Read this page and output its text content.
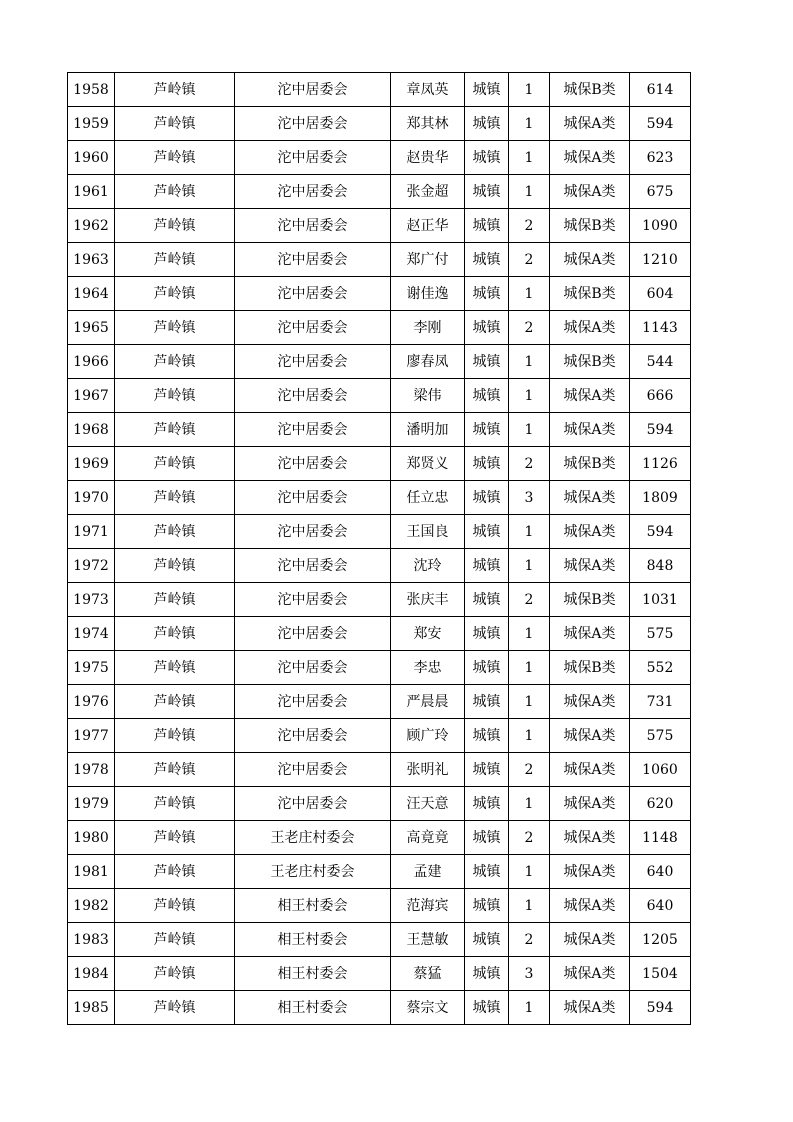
1958	芦岭镇	沱中居委会	章凤英	城镇	1	城保B类	614
1959	芦岭镇	沱中居委会	郑其林	城镇	1	城保A类	594
1960	芦岭镇	沱中居委会	赵贵华	城镇	1	城保A类	623
1961	芦岭镇	沱中居委会	张金超	城镇	1	城保A类	675
1962	芦岭镇	沱中居委会	赵正华	城镇	2	城保B类	1090
1963	芦岭镇	沱中居委会	郑广付	城镇	2	城保A类	1210
1964	芦岭镇	沱中居委会	谢佳逸	城镇	1	城保B类	604
1965	芦岭镇	沱中居委会	李刚	城镇	2	城保A类	1143
1966	芦岭镇	沱中居委会	廖春凤	城镇	1	城保B类	544
1967	芦岭镇	沱中居委会	梁伟	城镇	1	城保A类	666
1968	芦岭镇	沱中居委会	潘明加	城镇	1	城保A类	594
1969	芦岭镇	沱中居委会	郑贤义	城镇	2	城保B类	1126
1970	芦岭镇	沱中居委会	任立忠	城镇	3	城保A类	1809
1971	芦岭镇	沱中居委会	王国良	城镇	1	城保A类	594
1972	芦岭镇	沱中居委会	沈玲	城镇	1	城保A类	848
1973	芦岭镇	沱中居委会	张庆丰	城镇	2	城保B类	1031
1974	芦岭镇	沱中居委会	郑安	城镇	1	城保A类	575
1975	芦岭镇	沱中居委会	李忠	城镇	1	城保B类	552
1976	芦岭镇	沱中居委会	严晨晨	城镇	1	城保A类	731
1977	芦岭镇	沱中居委会	顾广玲	城镇	1	城保A类	575
1978	芦岭镇	沱中居委会	张明礼	城镇	2	城保A类	1060
1979	芦岭镇	沱中居委会	汪天意	城镇	1	城保A类	620
1980	芦岭镇	王老庄村委会	高竟竟	城镇	2	城保A类	1148
1981	芦岭镇	王老庄村委会	孟建	城镇	1	城保A类	640
1982	芦岭镇	相王村委会	范海宾	城镇	1	城保A类	640
1983	芦岭镇	相王村委会	王慧敏	城镇	2	城保A类	1205
1984	芦岭镇	相王村委会	蔡猛	城镇	3	城保A类	1504
1985	芦岭镇	相王村委会	蔡宗文	城镇	1	城保A类	594
